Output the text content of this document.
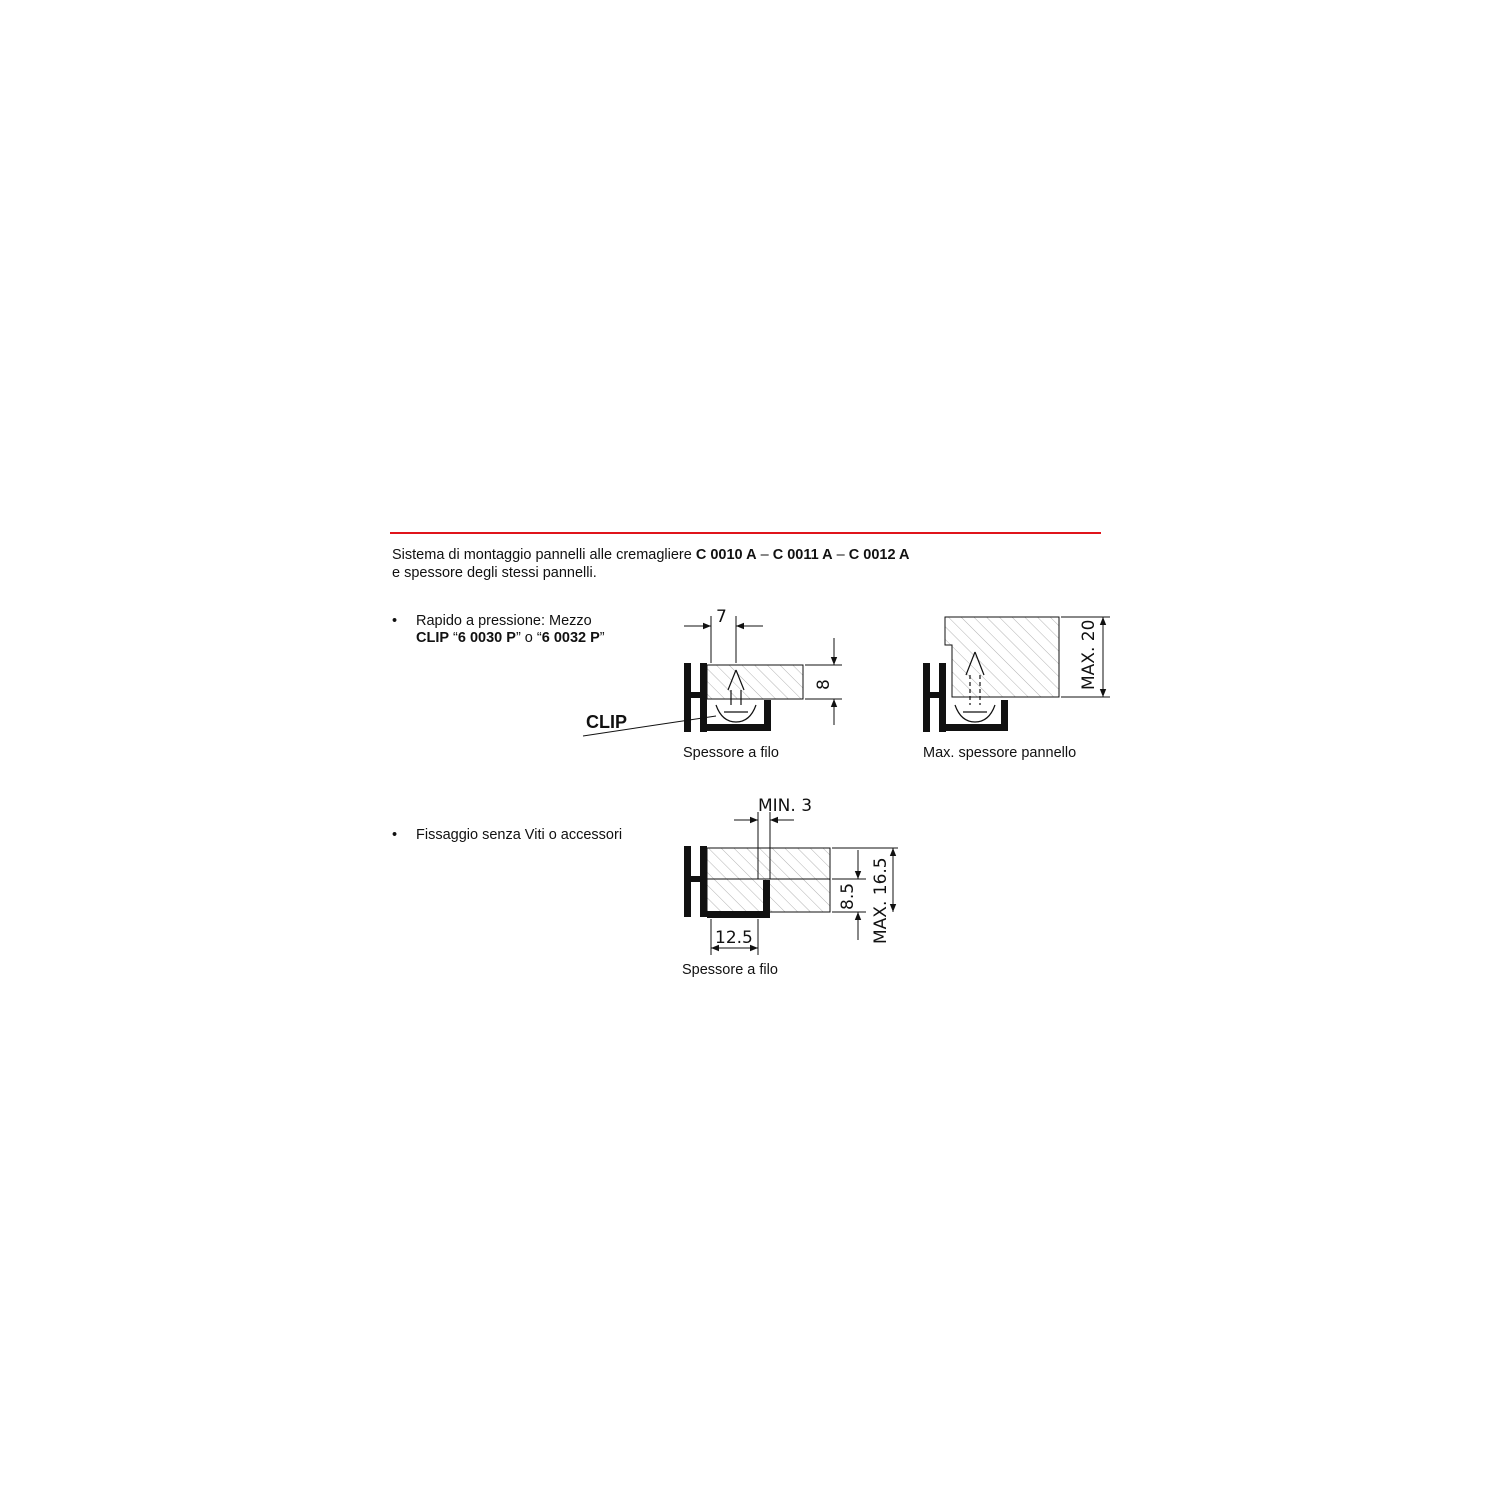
Sistema di montaggio pannelli alle cremagliere C 0010 A – C 0011 A – C 0012 A
e spessore degli stessi pannelli.
• Rapido a pressione: Mezzo
CLIP “6 0030 P” o “6 0032 P”
• Fissaggio senza Viti o accessori
Spessore a filo	Max. spessore pannello
Spessore a filo
7
8
CLIP
MAX. 20
MIN. 3
8.5 MAX. 16.5
12.5
